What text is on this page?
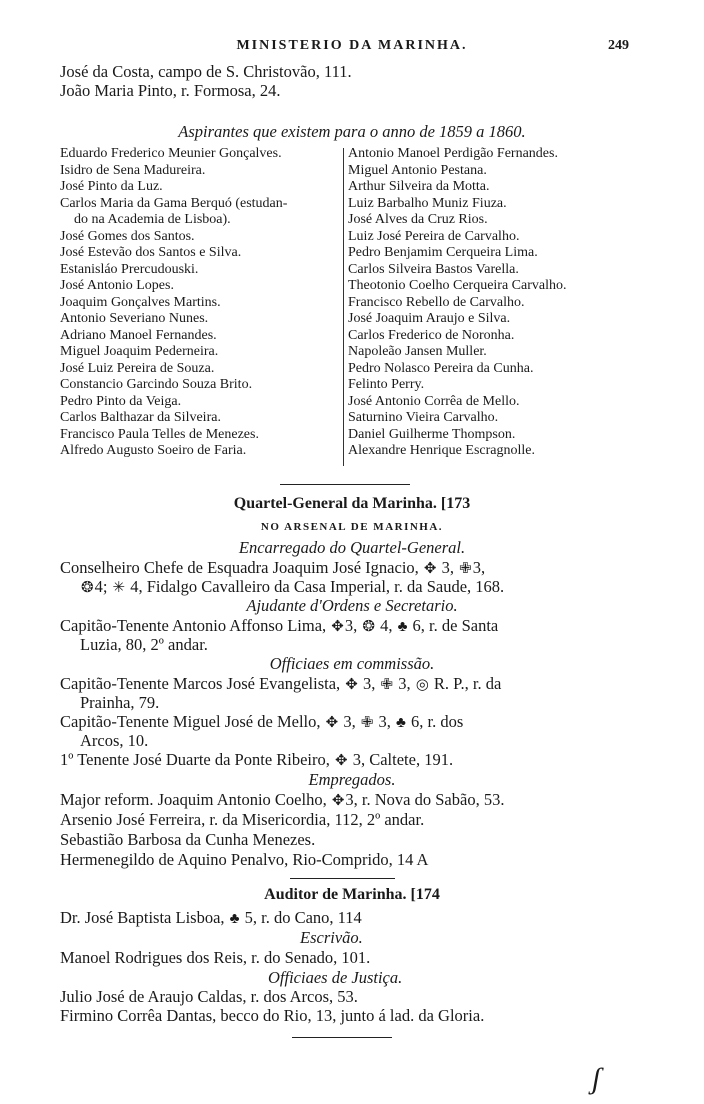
MINISTERIO DA MARINHA.	249
José da Costa, campo de S. Christovão, 111.
João Maria Pinto, r. Formosa, 24.
Aspirantes que existem para o anno de 1859 a 1860.
Eduardo Frederico Meunier Gonçalves.
Isidro de Sena Madureira.
José Pinto da Luz.
Carlos Maria da Gama Berquó (estudan-
do na Academia de Lisboa).
José Gomes dos Santos.
José Estevão dos Santos e Silva.
Estanisláo Prercudouski.
José Antonio Lopes.
Joaquim Gonçalves Martins.
Antonio Severiano Nunes.
Adriano Manoel Fernandes.
Miguel Joaquim Pederneira.
José Luiz Pereira de Souza.
Constancio Garcindo Souza Brito.
Pedro Pinto da Veiga.
Carlos Balthazar da Silveira.
Francisco Paula Telles de Menezes.
Alfredo Augusto Soeiro de Faria.
Antonio Manoel Perdigão Fernandes.
Miguel Antonio Pestana.
Arthur Silveira da Motta.
Luiz Barbalho Muniz Fiuza.
José Alves da Cruz Rios.
Luiz José Pereira de Carvalho.
Pedro Benjamim Cerqueira Lima.
Carlos Silveira Bastos Varella.
Theotonio Coelho Cerqueira Carvalho.
Francisco Rebello de Carvalho.
José Joaquim Araujo e Silva.
Carlos Frederico de Noronha.
Napoleão Jansen Muller.
Pedro Nolasco Pereira da Cunha.
Felinto Perry.
José Antonio Corrêa de Mello.
Saturnino Vieira Carvalho.
Daniel Guilherme Thompson.
Alexandre Henrique Escragnolle.
Quartel-General da Marinha. [173
NO ARSENAL DE MARINHA.
Encarregado do Quartel-General.
Conselheiro Chefe de Esquadra Joaquim José Ignacio, ✥ 3, ✙3,
❂4; ✳ 4, Fidalgo Cavalleiro da Casa Imperial, r. da Saude, 168.
Ajudante d'Ordens e Secretario.
Capitão-Tenente Antonio Affonso Lima, ✥3, ❂ 4, ♣ 6, r. de Santa
Luzia, 80, 2º andar.
Officiaes em commissão.
Capitão-Tenente Marcos José Evangelista, ✥ 3, ✙ 3, ◎ R. P., r. da
Prainha, 79.
Capitão-Tenente Miguel José de Mello, ✥ 3, ✙ 3, ♣ 6, r. dos
Arcos, 10.
1º Tenente José Duarte da Ponte Ribeiro, ✥ 3, Caltete, 191.
Empregados.
Major reform. Joaquim Antonio Coelho, ✥3, r. Nova do Sabão, 53.
Arsenio José Ferreira, r. da Misericordia, 112, 2º andar.
Sebastião Barbosa da Cunha Menezes.
Hermenegildo de Aquino Penalvo, Rio-Comprido, 14 A
Auditor de Marinha. [174
Dr. José Baptista Lisboa, ♣ 5, r. do Cano, 114
Escrivão.
Manoel Rodrigues dos Reis, r. do Senado, 101.
Officiaes de Justiça.
Julio José de Araujo Caldas, r. dos Arcos, 53.
Firmino Corrêa Dantas, becco do Rio, 13, junto á lad. da Gloria.
ʃ
